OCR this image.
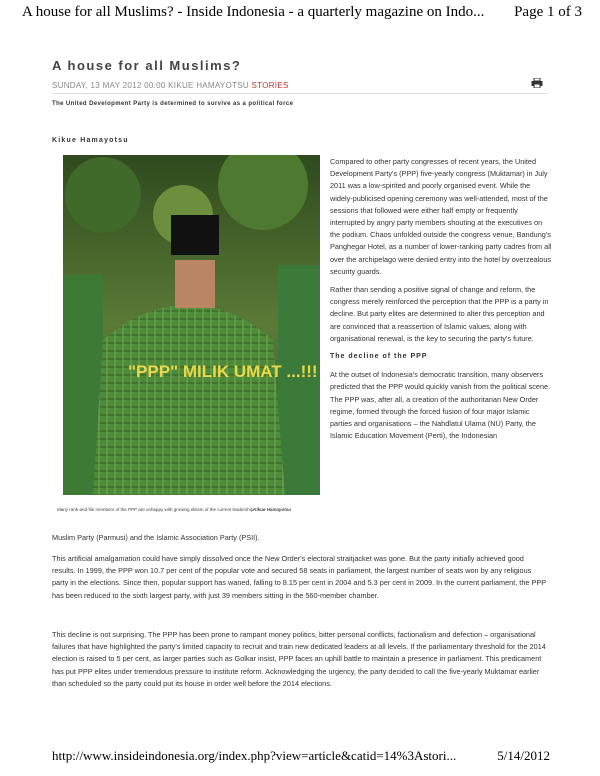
A house for all Muslims? - Inside Indonesia - a quarterly magazine on Indo... Page 1 of 3
A house for all Muslims?
SUNDAY, 13 MAY 2012 00:00 KIKUE HAMAYOTSU STORIES
The United Development Party is determined to survive as a political force
Kikue Hamayotsu
"PPP" MILIK UMAT ...!!!
Many rank-and-file members of the PPP are unhappy with growing elitism of the current leadershipKikue Hamayotsu

Compared to other party congresses of recent years, the United Development Party's (PPP) five-yearly congress (Muktamar) in July 2011 was a low-spirited and poorly organised event. While the widely-publicised opening ceremony was well-attended, most of the sessions that followed were either half empty or frequently interrupted by angry party members shouting at the executives on the podium. Chaos unfolded outside the congress venue, Bandung's Panghegar Hotel, as a number of lower-ranking party cadres from all over the archipelago were denied entry into the hotel by overzealous security guards.

Rather than sending a positive signal of change and reform, the congress merely reinforced the perception that the PPP is a party in decline. But party elites are determined to alter this perception and are convinced that a reassertion of Islamic values, along with organisational renewal, is the key to securing the party's future.

The decline of the PPP

At the outset of Indonesia's democratic transition, many observers predicted that the PPP would quickly vanish from the political scene. The PPP was, after all, a creation of the authoritarian New Order regime, formed through the forced fusion of four major Islamic parties and organisations – the Nahdlatul Ulama (NU) Party, the Islamic Education Movement (Perti), the Indonesian

Muslim Party (Parmusi) and the Islamic Association Party (PSII).

This artificial amalgamation could have simply dissolved once the New Order's electoral straitjacket was gone. But the party initially achieved good results. In 1999, the PPP won 10.7 per cent of the popular vote and secured 58 seats in parliament, the largest number of seats won by any religious party in the elections. Since then, popular support has waned, falling to 8.15 per cent in 2004 and 5.3 per cent in 2009. In the current parliament, the PPP has been reduced to the sixth largest party, with just 39 members sitting in the 560-member chamber.

This decline is not surprising. The PPP has been prone to rampant money politics, bitter personal conflicts, factionalism and defection – organisational failures that have highlighted the party's limited capacity to recruit and train new dedicated leaders at all levels. If the parliamentary threshold for the 2014 election is raised to 5 per cent, as larger parties such as Golkar insist, PPP faces an uphill battle to maintain a presence in parliament. This predicament has put PPP elites under tremendous pressure to institute reform. Acknowledging the urgency, the party decided to call the five-yearly Muktamar earlier than scheduled so the party could put its house in order well before the 2014 elections.

http://www.insideindonesia.org/index.php?view=article&catid=14%3Astori...	5/14/2012
